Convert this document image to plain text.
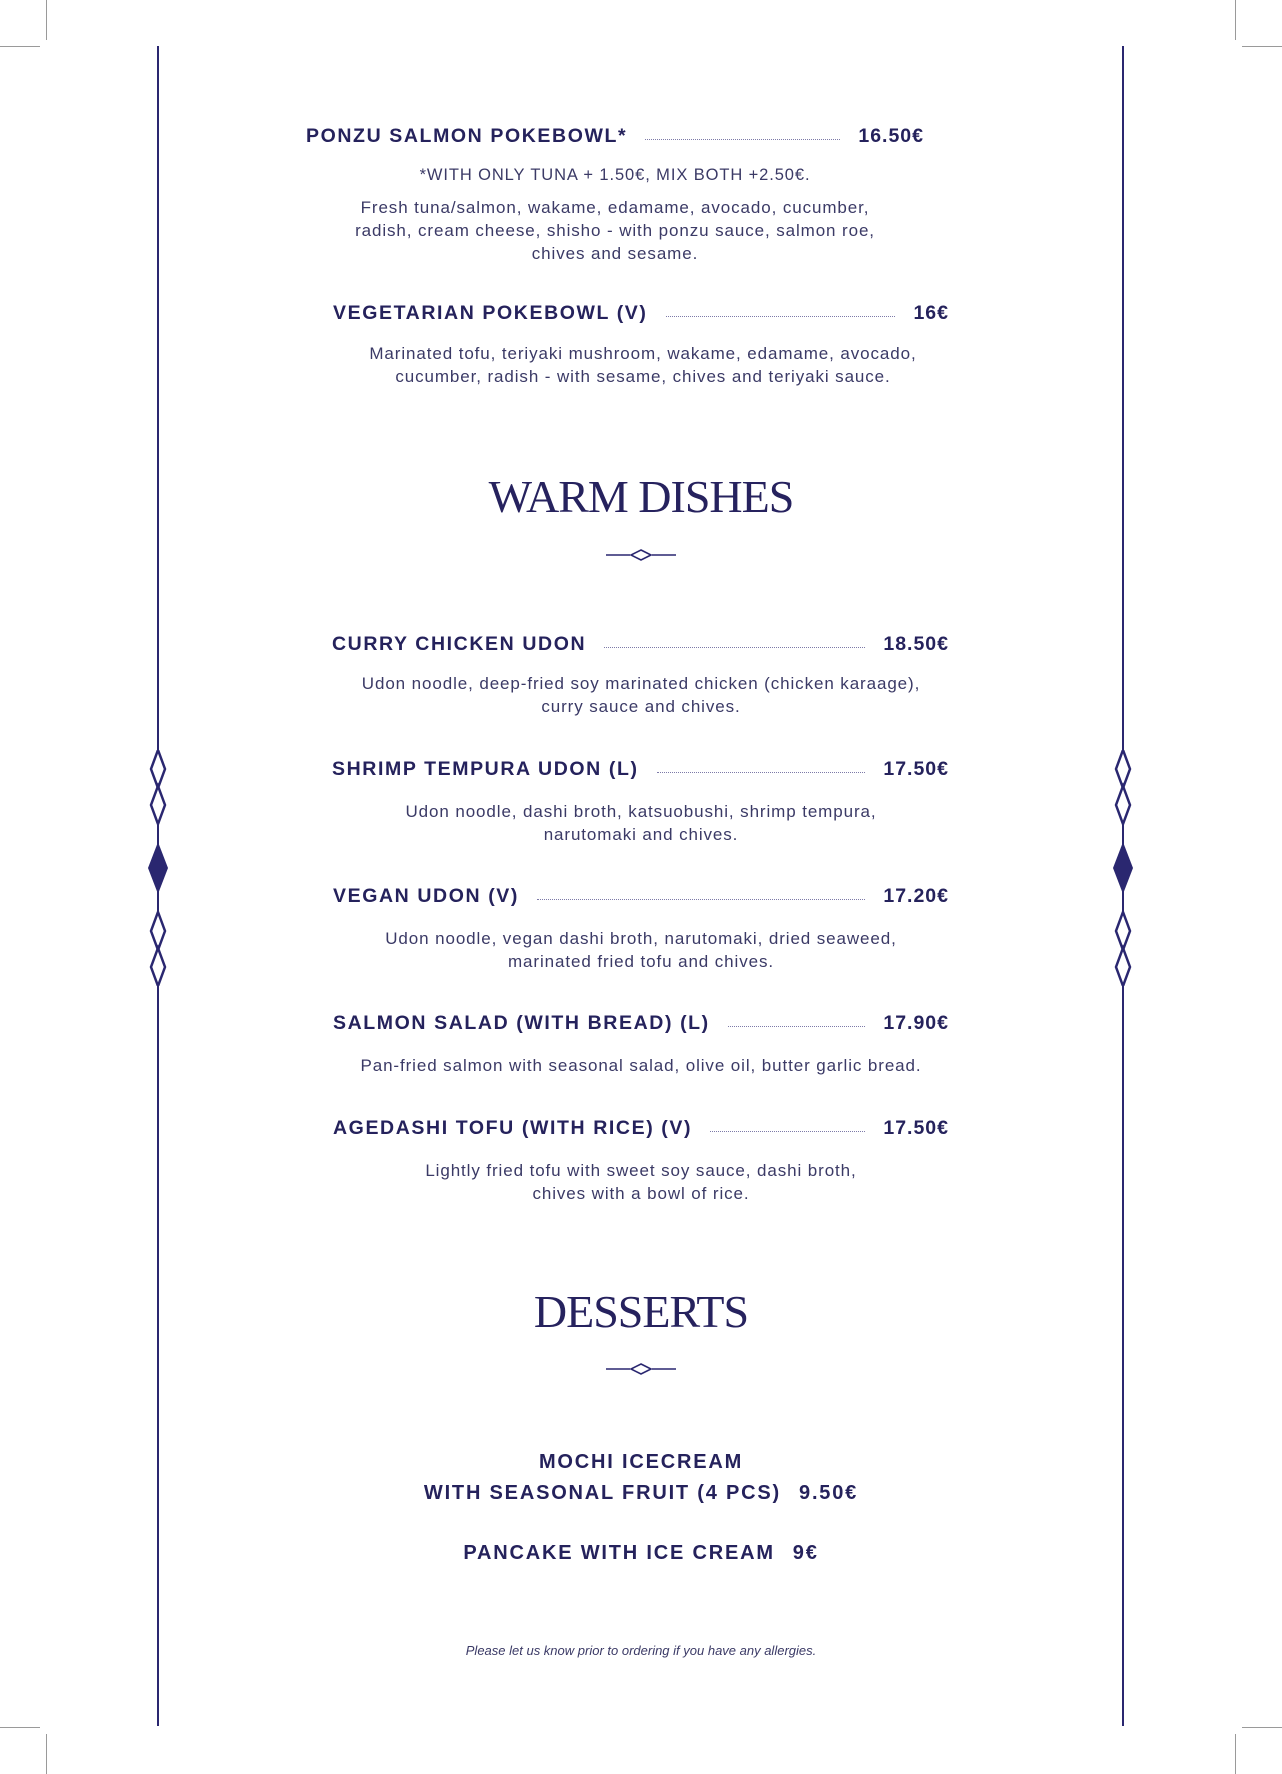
PONZU SALMON POKEBOWL*	16.50€
*WITH ONLY TUNA + 1.50€, MIX BOTH +2.50€.
Fresh tuna/salmon, wakame, edamame, avocado, cucumber,
radish, cream cheese, shisho - with ponzu sauce, salmon roe,
chives and sesame.
VEGETARIAN POKEBOWL (V)	16€
Marinated tofu, teriyaki mushroom, wakame, edamame, avocado,
cucumber, radish - with sesame, chives and teriyaki sauce.
WARM DISHES
CURRY CHICKEN UDON	18.50€
Udon noodle, deep-fried soy marinated chicken (chicken karaage),
curry sauce and chives.
SHRIMP TEMPURA UDON (L)	17.50€
Udon noodle, dashi broth, katsuobushi, shrimp tempura,
narutomaki and chives.
VEGAN UDON (V)	17.20€
Udon noodle, vegan dashi broth, narutomaki, dried seaweed,
marinated fried tofu and chives.
SALMON SALAD (WITH BREAD) (L)	17.90€
Pan-fried salmon with seasonal salad, olive oil, butter garlic bread.
AGEDASHI TOFU (WITH RICE) (V)	17.50€
Lightly fried tofu with sweet soy sauce, dashi broth,
chives with a bowl of rice.
DESSERTS
MOCHI ICECREAM
WITH SEASONAL FRUIT (4 PCS) 9.50€
PANCAKE WITH ICE CREAM 9€
Please let us know prior to ordering if you have any allergies.
